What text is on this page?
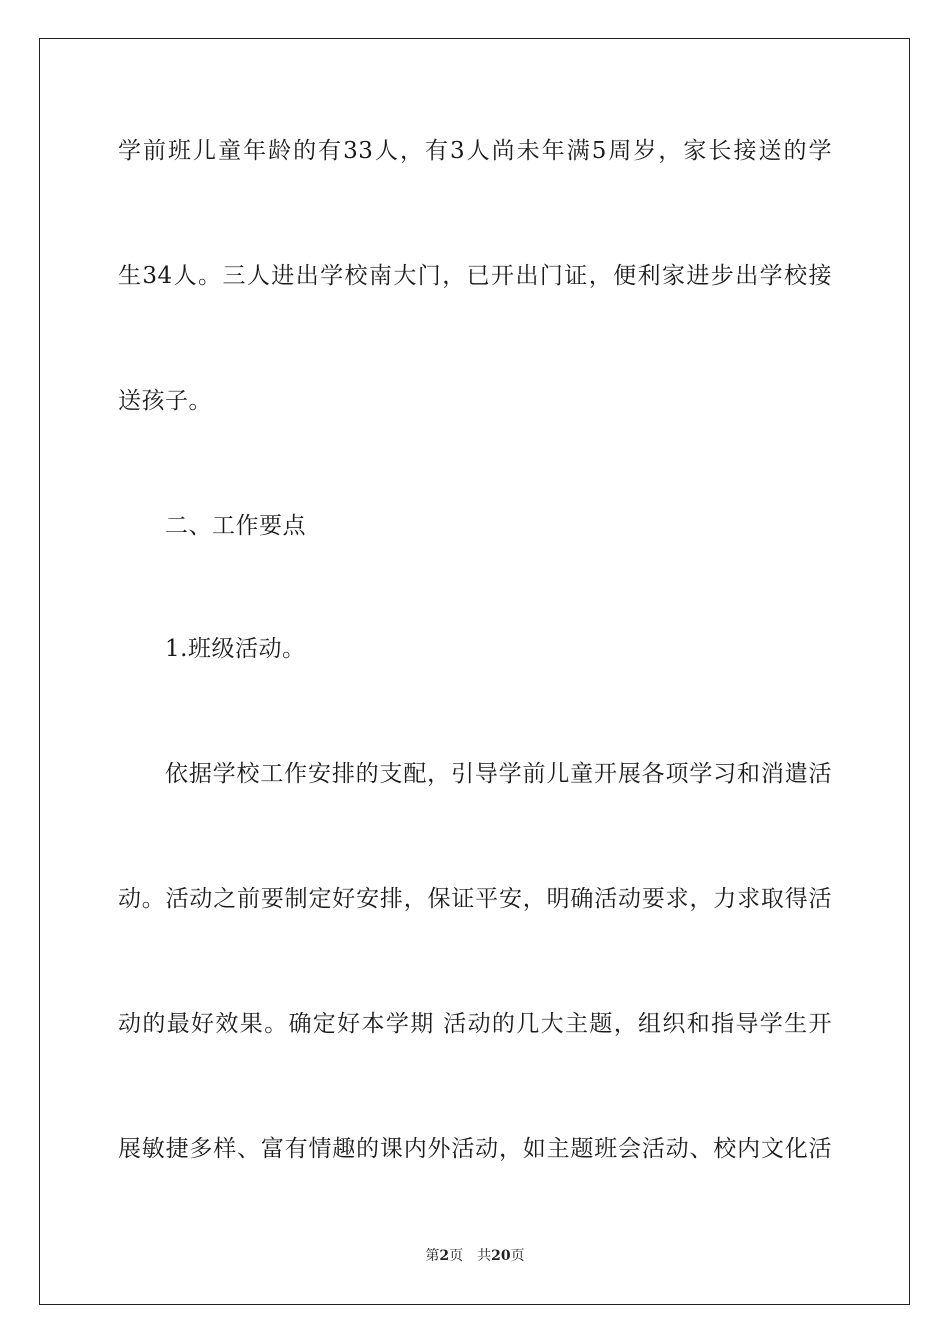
学前班儿童年龄的有33人，有3人尚未年满5周岁，家长接送的学
生34人。三人进出学校南大门，已开出门证，便利家进步出学校接
送孩子。
二、工作要点
1.班级活动。
依据学校工作安排的支配，引导学前儿童开展各项学习和消遣活
动。活动之前要制定好安排，保证平安，明确活动要求，力求取得活
动的最好效果。确定好本学期 活动的几大主题，组织和指导学生开
展敏捷多样、富有情趣的课内外活动，如主题班会活动、校内文化活
第2页 共20页
